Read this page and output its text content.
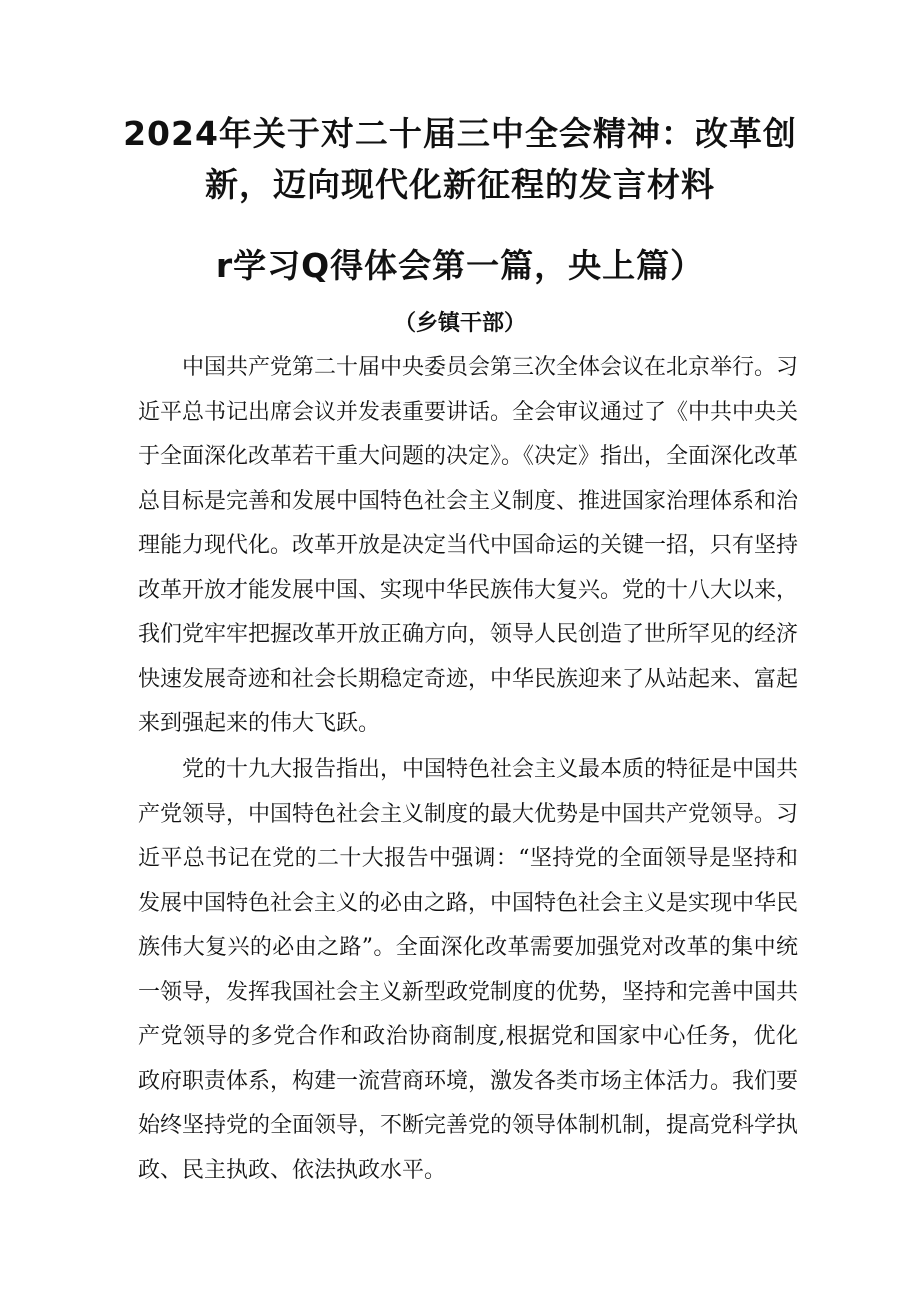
2024年关于对二十届三中全会精神：改革创
新，迈向现代化新征程的发言材料
r学习Q得体会第一篇，央上篇）

（乡镇干部）

中国共产党第二十届中央委员会第三次全体会议在北京举行。习近平总书记出席会议并发表重要讲话。全会审议通过了《中共中央关于全面深化改革若干重大问题的决定》。《决定》指出，全面深化改革总目标是完善和发展中国特色社会主义制度、推进国家治理体系和治理能力现代化。改革开放是决定当代中国命运的关键一招，只有坚持改革开放才能发展中国、实现中华民族伟大复兴。党的十八大以来，我们党牢牢把握改革开放正确方向，领导人民创造了世所罕见的经济快速发展奇迹和社会长期稳定奇迹，中华民族迎来了从站起来、富起来到强起来的伟大飞跃。

党的十九大报告指出，中国特色社会主义最本质的特征是中国共产党领导，中国特色社会主义制度的最大优势是中国共产党领导。习近平总书记在党的二十大报告中强调：“坚持党的全面领导是坚持和发展中国特色社会主义的必由之路，中国特色社会主义是实现中华民族伟大复兴的必由之路”。全面深化改革需要加强党对改革的集中统一领导，发挥我国社会主义新型政党制度的优势，坚持和完善中国共产党领导的多党合作和政治协商制度,根据党和国家中心任务，优化政府职责体系，构建一流营商环境，激发各类市场主体活力。我们要始终坚持党的全面领导，不断完善党的领导体制机制，提高党科学执政、民主执政、依法执政水平。
